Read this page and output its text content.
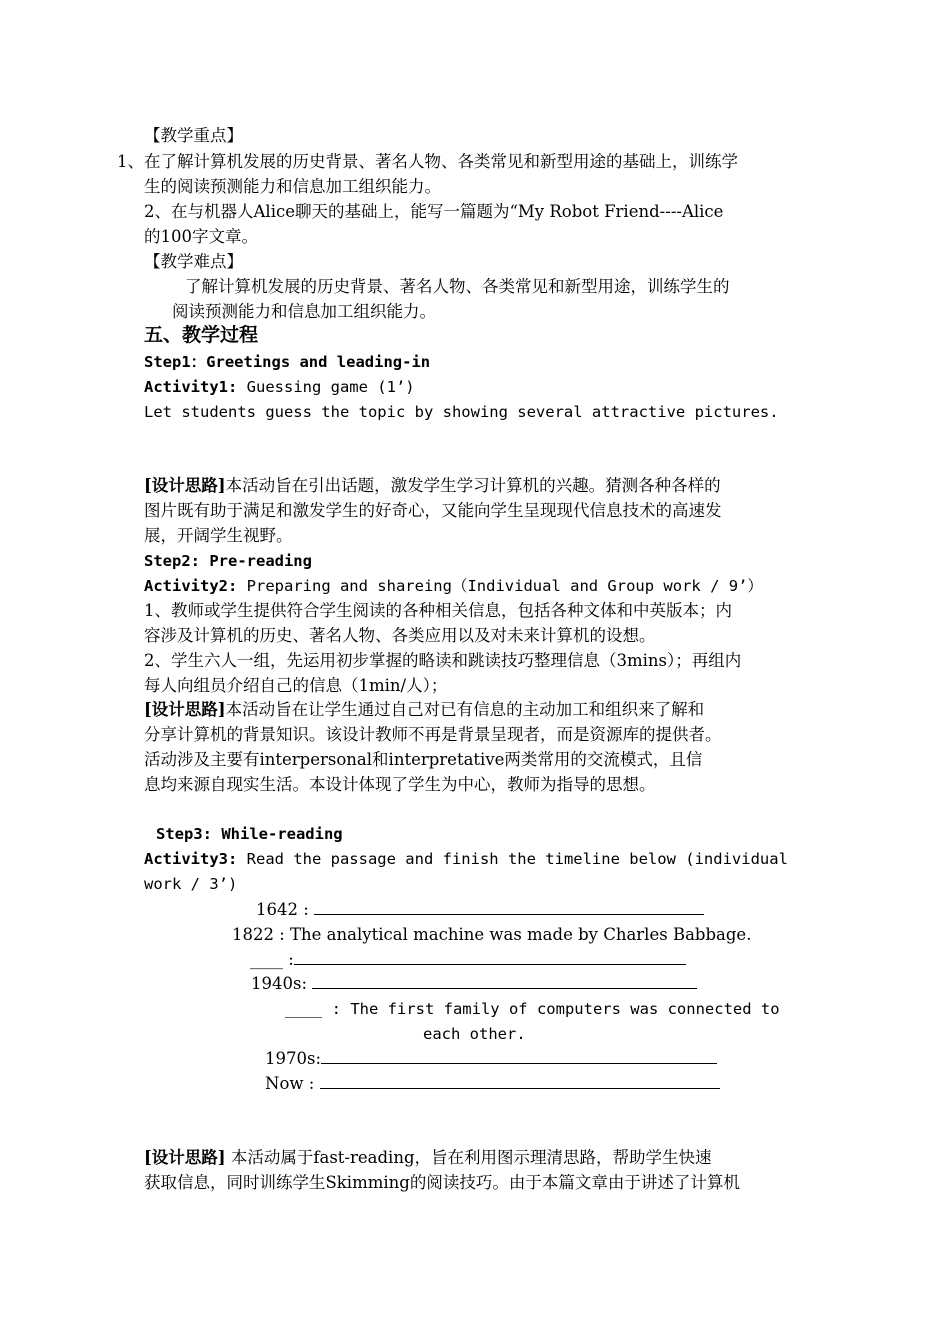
【教学重点】
1、在了解计算机发展的历史背景、著名人物、各类常见和新型用途的基础上，训练学
生的阅读预测能力和信息加工组织能力。
2、在与机器人Alice聊天的基础上，能写一篇题为“My Robot Friend----Alice
的100字文章。
【教学难点】
了解计算机发展的历史背景、著名人物、各类常见和新型用途，训练学生的
阅读预测能力和信息加工组织能力。
五、教学过程
Step1：Greetings and leading-in
Activity1: Guessing game (1’)
Let students guess the topic by showing several attractive pictures.
[设计思路]本活动旨在引出话题，激发学生学习计算机的兴趣。猜测各种各样的
图片既有助于满足和激发学生的好奇心，又能向学生呈现现代信息技术的高速发
展，开阔学生视野。
Step2: Pre-reading
Activity2: Preparing and shareing（Individual and Group work / 9’）
1、教师或学生提供符合学生阅读的各种相关信息，包括各种文体和中英版本；内
容涉及计算机的历史、著名人物、各类应用以及对未来计算机的设想。
2、学生六人一组，先运用初步掌握的略读和跳读技巧整理信息（3mins）；再组内
每人向组员介绍自己的信息（1min/人）；
[设计思路]本活动旨在让学生通过自己对已有信息的主动加工和组织来了解和
分享计算机的背景知识。该设计教师不再是背景呈现者，而是资源库的提供者。
活动涉及主要有interpersonal和interpretative两类常用的交流模式，且信
息均来源自现实生活。本设计体现了学生为中心，教师为指导的思想。
Step3: While-reading
Activity3: Read the passage and finish the timeline below (individual
work / 3’)
1642 :
1822 : The analytical machine was made by Charles Babbage.
____ :
1940s:
____ : The first family of computers was connected to
each other.
1970s:
Now :
[设计思路] 本活动属于fast-reading，旨在利用图示理清思路，帮助学生快速
获取信息，同时训练学生Skimming的阅读技巧。由于本篇文章由于讲述了计算机
